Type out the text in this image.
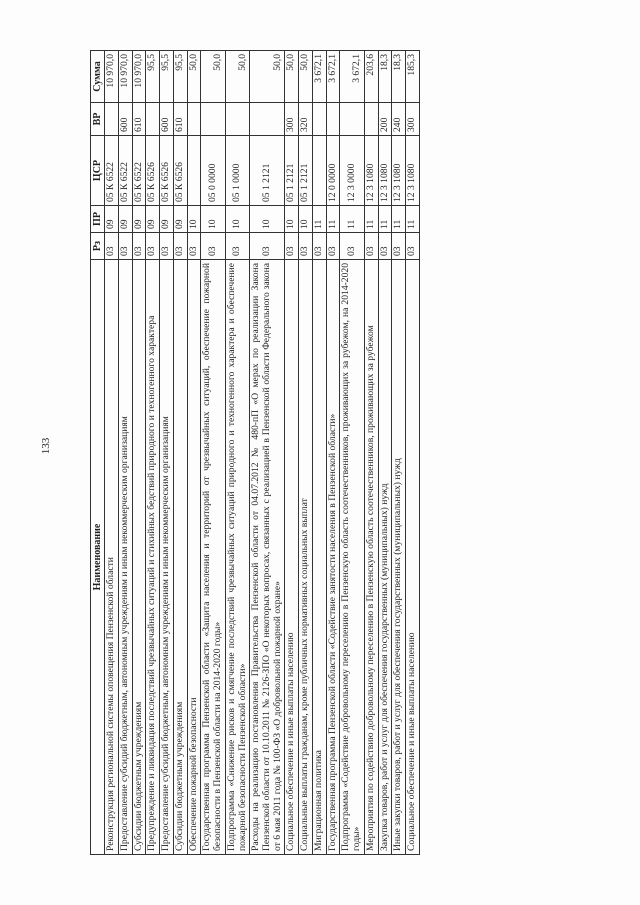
133
Наименование	Рз	ПР	ЦСР	ВР	Сумма
Реконструкция региональной системы оповещения Пензенской области	03	09	05 К 6522		10 970,0
Предоставление субсидий бюджетным, автономным учреждениям и иным некоммерческим организациям	03	09	05 К 6522	600	10 970,0
Субсидии бюджетным учреждениям	03	09	05 К 6522	610	10 970,0
Предупреждение и ликвидация последствий чрезвычайных ситуаций и стихийных бедствий природного и техногенного характера	03	09	05 К 6526		95,5
Предоставление субсидий бюджетным, автономным учреждениям и иным некоммерческим организациям	03	09	05 К 6526	600	95,5
Субсидии бюджетным учреждениям	03	09	05 К 6526	610	95,5
Обеспечение пожарной безопасности	03	10			50,0
Государственная программа Пензенской области «Защита населения и территорий от чрезвычайных ситуаций, обеспечение пожарной безопасности в Пензенской области на 2014-2020 годы»	03	10	05 0 0000		50,0
Подпрограмма «Снижение рисков и смягчение последствий чрезвычайных ситуаций природного и техногенного характера и обеспечение пожарной безопасности Пензенской области»	03	10	05 1 0000		50,0
Расходы на реализацию постановления Правительства Пензенской области от 04.07.2012 № 480-пП «О мерах по реализации Закона Пензенской области от 10.10.2011 № 2126-ЗПО «О некоторых вопросах, связанных с реализацией в Пензенской области Федерального закона от 6 мая 2011 года № 100-ФЗ «О добровольной пожарной охране»	03	10	05 1 2121		50,0
Социальное обеспечение и иные выплаты населению	03	10	05 1 2121	300	50,0
Социальные выплаты гражданам, кроме публичных нормативных социальных выплат	03	10	05 1 2121	320	50,0
Миграционная политика	03	11			3 672,1
Государственная программа Пензенской области «Содействие занятости населения в Пензенской области»	03	11	12 0 0000		3 672,1
Подпрограмма «Содействие добровольному переселению в Пензенскую область соотечественников, проживающих за рубежом, на 2014-2020 годы»	03	11	12 3 0000		3 672,1
Мероприятия по содействию добровольному переселению в Пензенскую область соотечественников, проживающих за рубежом	03	11	12 3 1080		203,6
Закупка товаров, работ и услуг для обеспечения государственных (муниципальных) нужд	03	11	12 3 1080	200	18,3
Иные закупки товаров, работ и услуг для обеспечения государственных (муниципальных) нужд	03	11	12 3 1080	240	18,3
Социальное обеспечение и иные выплаты населению	03	11	12 3 1080	300	185,3
